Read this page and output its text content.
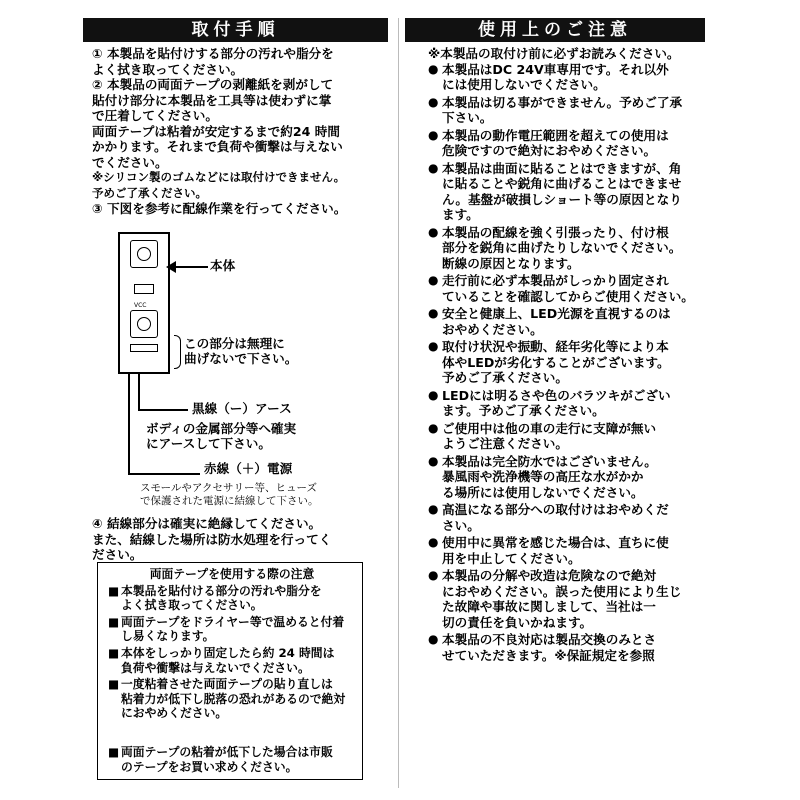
取付手順	使用上のご注意
① 本製品を貼付けする部分の汚れや脂分を
よく拭き取ってください。
② 本製品の両面テープの剥離紙を剥がして
貼付け部分に本製品を工具等は使わずに掌
で圧着してください。
両面テープは粘着が安定するまで約24 時間
かかります。それまで負荷や衝撃は与えない
でください。
※シリコン製のゴムなどには取付けできません。
予めご了承ください。
③ 下図を参考に配線作業を行ってください。
VCC
本体
この部分は無理に
曲げないで下さい。
黒線（ー）アース
ボディの金属部分等へ確実
にアースして下さい。
赤線（＋）電源
スモールやアクセサリー等、ヒューズ
で保護された電源に結線して下さい。
④ 結線部分は確実に絶縁してください。
また、結線した場所は防水処理を行ってく
ださい。
両面テープを使用する際の注意
■ 本製品を貼付ける部分の汚れや脂分を
よく拭き取ってください。
■ 両面テープをドライヤー等で温めると付着
し易くなります。
■ 本体をしっかり固定したら約 24 時間は
負荷や衝撃は与えないでください。
■ 一度粘着させた両面テープの貼り直しは
粘着力が低下し脱落の恐れがあるので絶対
におやめください。
■ 両面テープの粘着が低下した場合は市販
のテープをお買い求めください。
※本製品の取付け前に必ずお読みください。
● 本製品はDC 24V車専用です。それ以外
には使用しないでください。
● 本製品は切る事ができません。予めご了承
下さい。
● 本製品の動作電圧範囲を超えての使用は
危険ですので絶対におやめください。
● 本製品は曲面に貼ることはできますが、角
に貼ることや鋭角に曲げることはできませ
ん。基盤が破損しショート等の原因となり
ます。
● 本製品の配線を強く引張ったり、付け根
部分を鋭角に曲げたりしないでください。
断線の原因となります。
● 走行前に必ず本製品がしっかり固定され
ていることを確認してからご使用ください。
● 安全と健康上、LED光源を直視するのは
おやめください。
● 取付け状況や振動、経年劣化等により本
体やLEDが劣化することがございます。
予めご了承ください。
● LEDには明るさや色のバラツキがござい
ます。予めご了承ください。
● ご使用中は他の車の走行に支障が無い
ようご注意ください。
● 本製品は完全防水ではございません。
暴風雨や洗浄機等の高圧な水がかか
る場所には使用しないでください。
● 高温になる部分への取付けはおやめくだ
さい。
● 使用中に異常を感じた場合は、直ちに使
用を中止してください。
● 本製品の分解や改造は危険なので絶対
におやめください。誤った使用により生じ
た故障や事故に関しまして、当社は一
切の責任を負いかねます。
● 本製品の不良対応は製品交換のみとさ
せていただきます。※保証規定を参照
